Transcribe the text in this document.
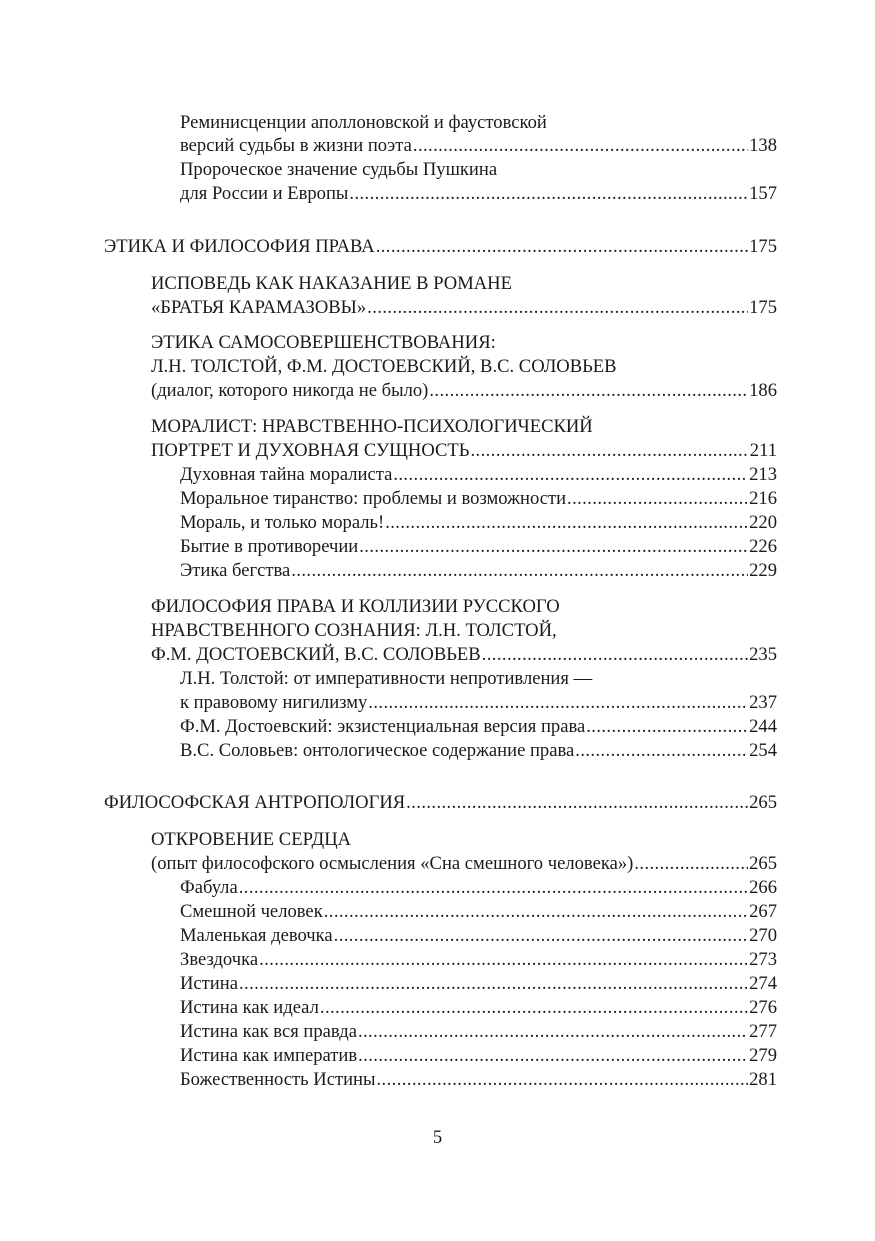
Реминисценции аполлоновской и фаустовской
версий судьбы в жизни поэта .....	138
Пророческое значение судьбы Пушкина
для России и Европы .....	157
ЭТИКА И ФИЛОСОФИЯ ПРАВА .....	175
ИСПОВЕДЬ КАК НАКАЗАНИЕ В РОМАНЕ
«БРАТЬЯ КАРАМАЗОВЫ» .....	175
ЭТИКА САМОСОВЕРШЕНСТВОВАНИЯ:
Л.Н. ТОЛСТОЙ, Ф.М. ДОСТОЕВСКИЙ, В.С. СОЛОВЬЕВ
(диалог, которого никогда не было) .....	186
МОРАЛИСТ: НРАВСТВЕННО-ПСИХОЛОГИЧЕСКИЙ
ПОРТРЕТ И ДУХОВНАЯ СУЩНОСТЬ .....	211
Духовная тайна моралиста .....	213
Моральное тиранство: проблемы и возможности .....	216
Мораль, и только мораль! .....	220
Бытие в противоречии .....	226
Этика бегства .....	229
ФИЛОСОФИЯ ПРАВА И КОЛЛИЗИИ РУССКОГО
НРАВСТВЕННОГО СОЗНАНИЯ: Л.Н. ТОЛСТОЙ,
Ф.М. ДОСТОЕВСКИЙ, В.С. СОЛОВЬЕВ .....	235
Л.Н. Толстой: от императивности непротивления —
к правовому нигилизму .....	237
Ф.М. Достоевский: экзистенциальная версия права .....	244
В.С. Соловьев: онтологическое содержание права .....	254
ФИЛОСОФСКАЯ АНТРОПОЛОГИЯ .....	265
ОТКРОВЕНИЕ СЕРДЦА
(опыт философского осмысления «Сна смешного человека») .....	265
Фабула .....	266
Смешной человек .....	267
Маленькая девочка .....	270
Звездочка .....	273
Истина .....	274
Истина как идеал .....	276
Истина как вся правда .....	277
Истина как императив .....	279
Божественность Истины .....	281
5
